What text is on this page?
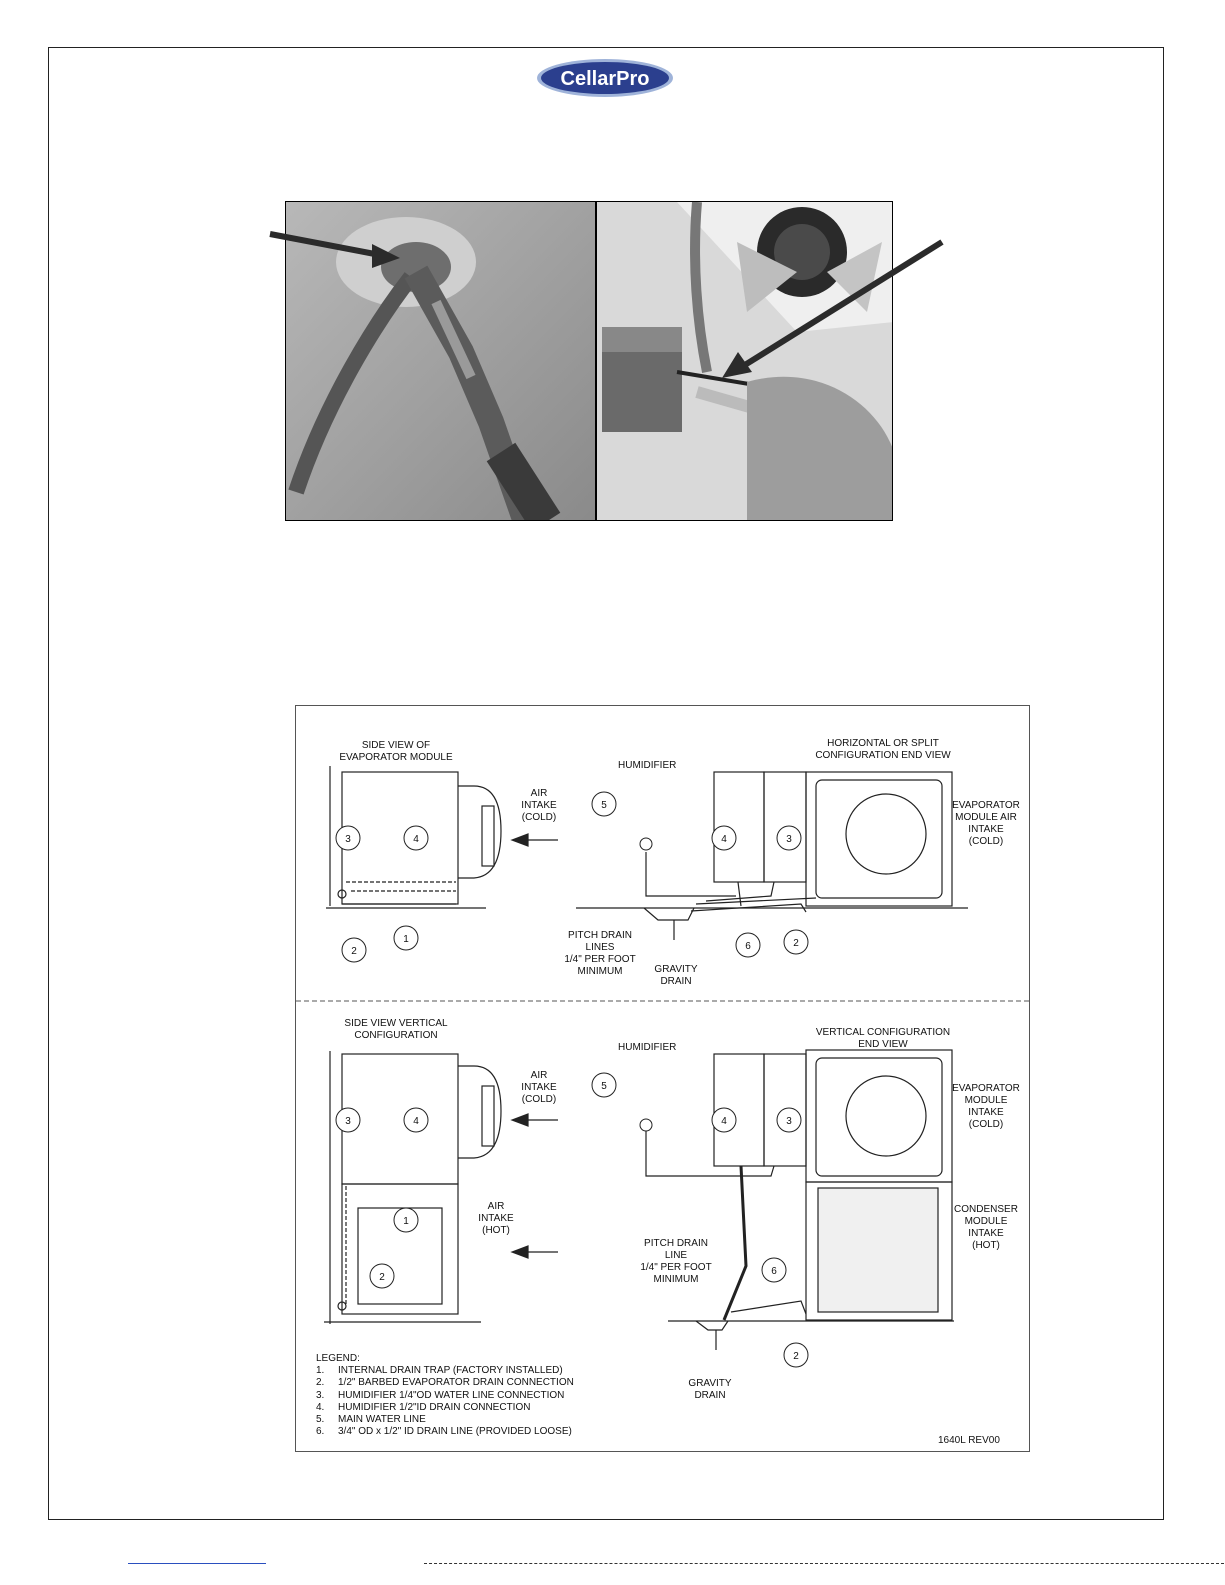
CellarPro
3	4
1
2
5
4	3
6	2
3	4
1
2
5
4	3
6
2
SIDE VIEW OF
EVAPORATOR MODULE
AIR
INTAKE
(COLD)
HORIZONTAL OR SPLIT
CONFIGURATION END VIEW
EVAPORATOR
MODULE AIR
INTAKE
(COLD)
PITCH DRAIN
LINES
1/4" PER FOOT
MINIMUM	GRAVITY
DRAIN
HUMIDIFIER
SIDE VIEW VERTICAL
CONFIGURATION
AIR
INTAKE
(COLD)
AIR
INTAKE
(HOT)
VERTICAL CONFIGURATION
END VIEW
EVAPORATOR
MODULE
INTAKE
(COLD)
CONDENSER
MODULE
INTAKE
(HOT)
PITCH DRAIN
LINE
1/4" PER FOOT
MINIMUM
GRAVITY
DRAIN
HUMIDIFIER
1640L REV00
LEGEND:
1.	INTERNAL DRAIN TRAP (FACTORY INSTALLED)
2.	1/2" BARBED EVAPORATOR DRAIN CONNECTION
3.	HUMIDIFIER 1/4"OD WATER LINE CONNECTION
4.	HUMIDIFIER 1/2"ID DRAIN CONNECTION
5.	MAIN WATER LINE
6.	3/4" OD x 1/2" ID DRAIN LINE (PROVIDED LOOSE)
